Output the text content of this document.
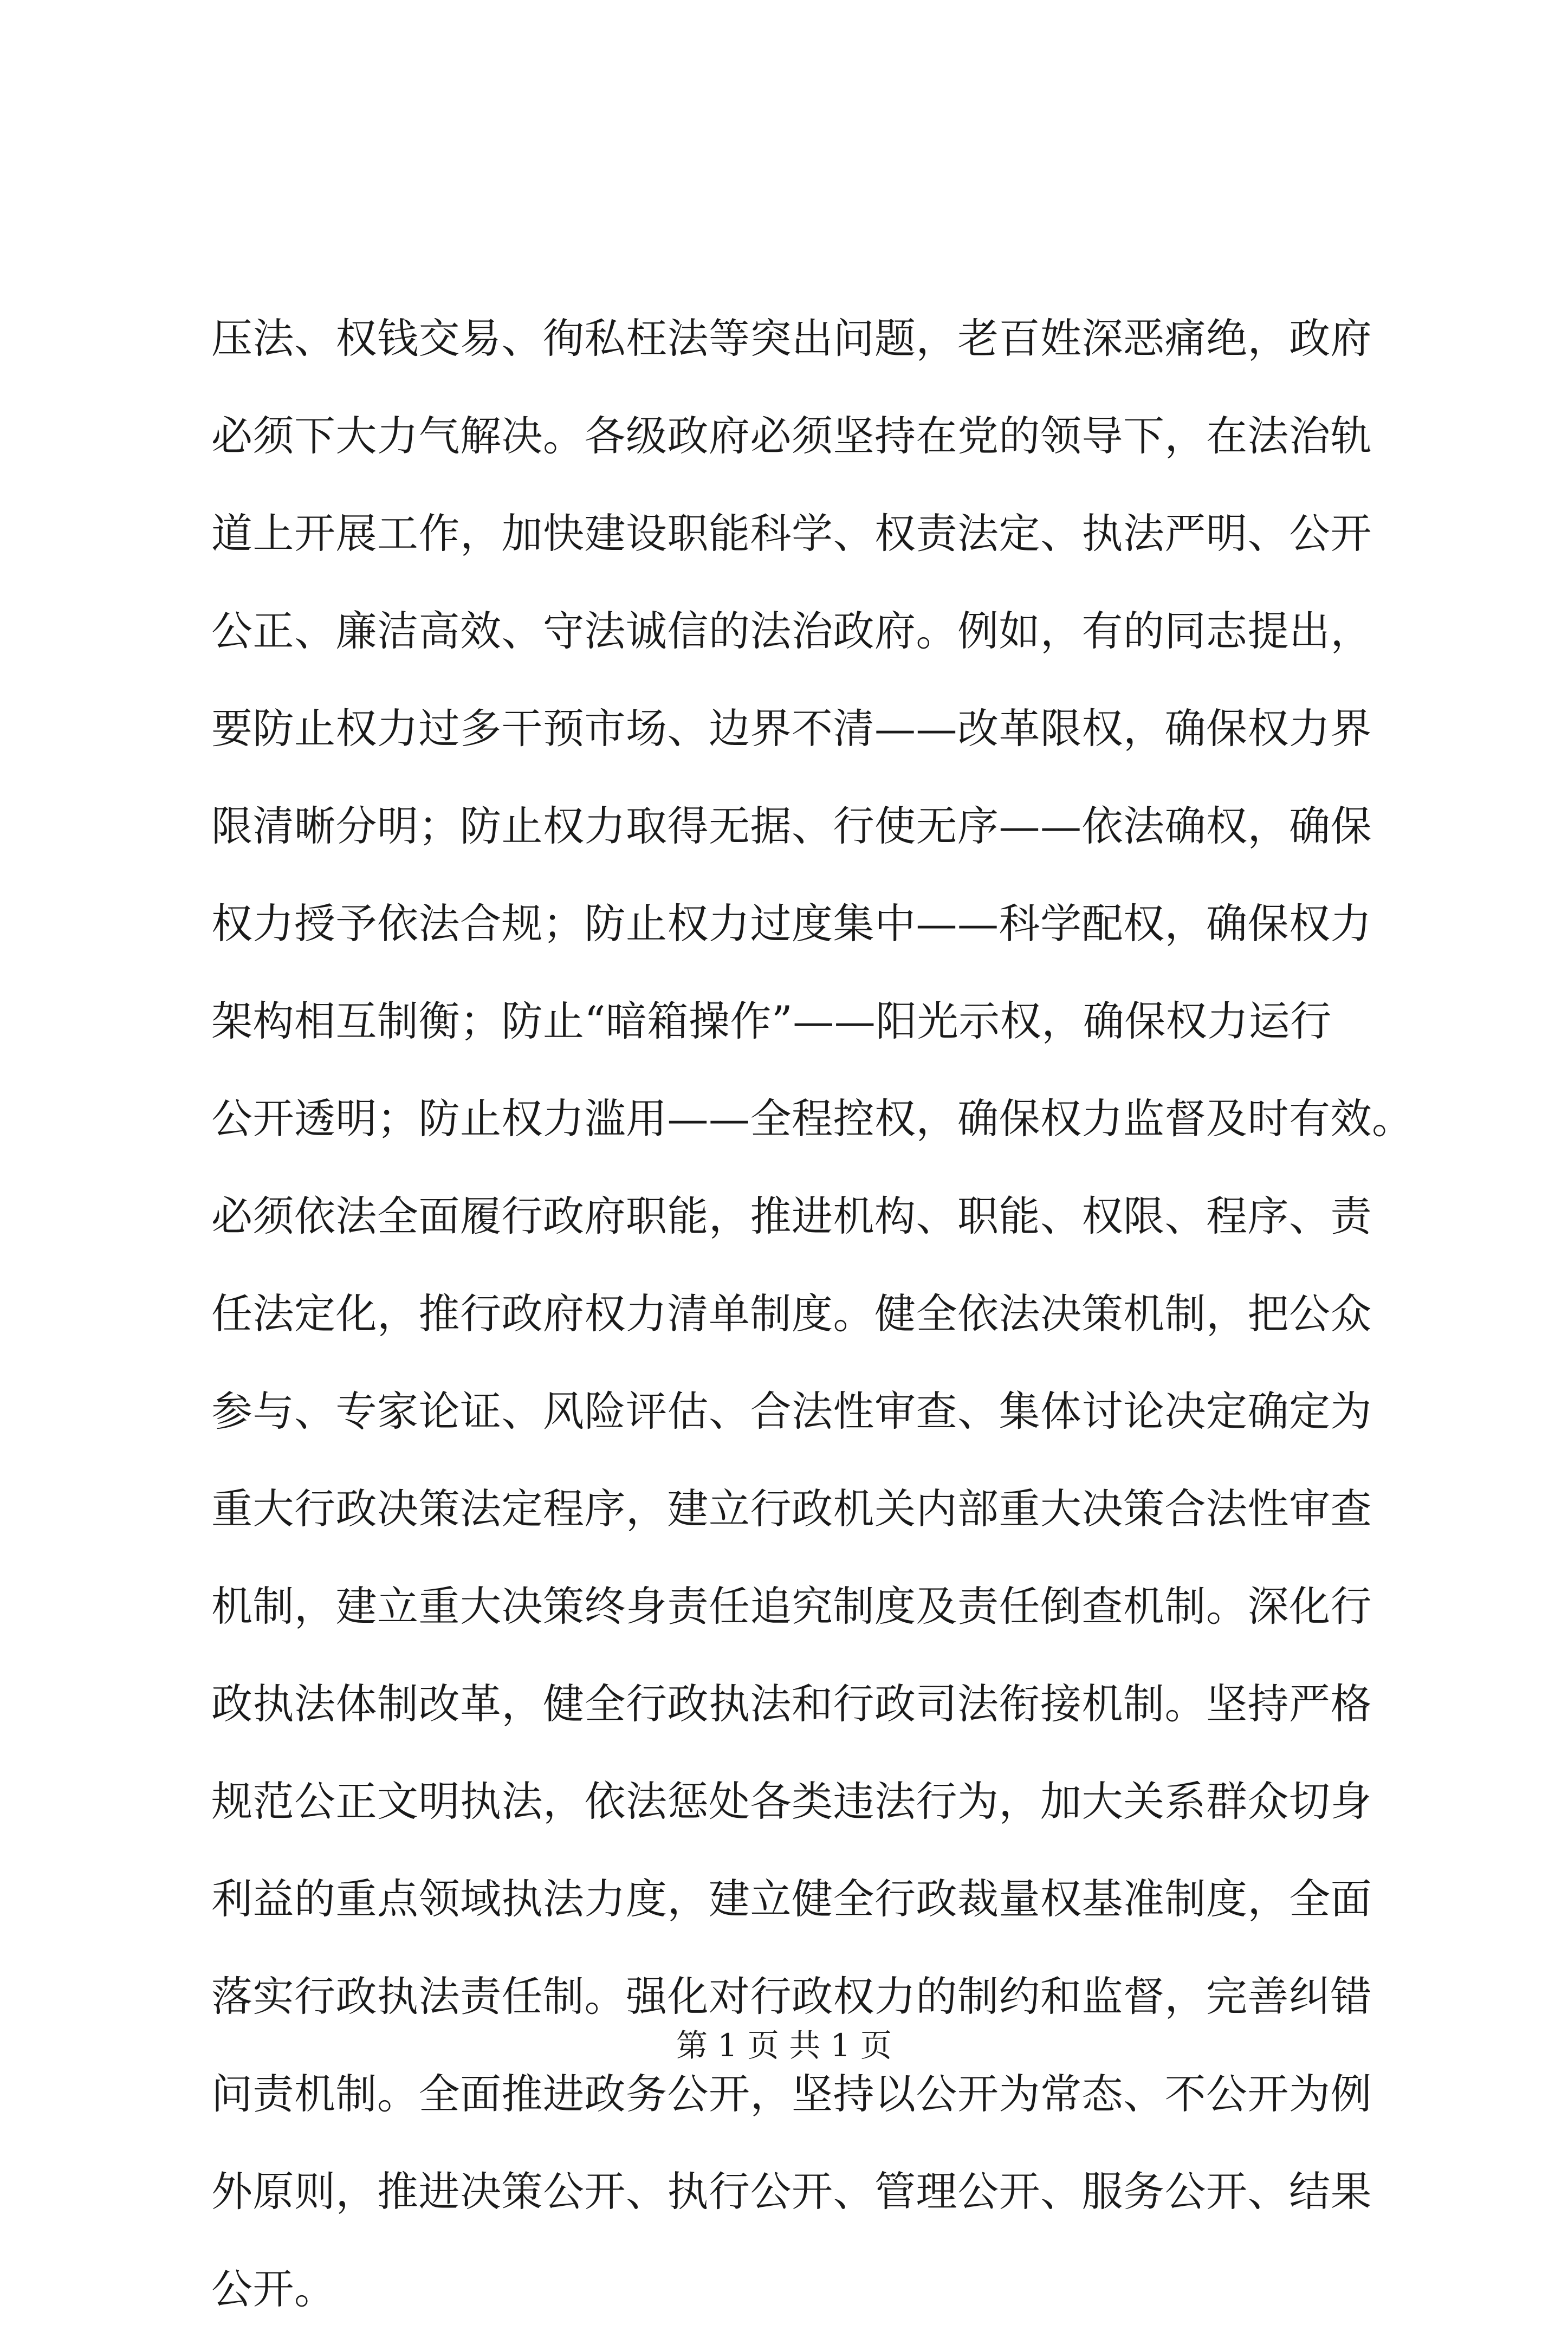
压法、权钱交易、徇私枉法等突出问题，老百姓深恶痛绝，政府
必须下大力气解决。各级政府必须坚持在党的领导下，在法治轨
道上开展工作，加快建设职能科学、权责法定、执法严明、公开
公正、廉洁高效、守法诚信的法治政府。例如，有的同志提出，
要防止权力过多干预市场、边界不清——改革限权，确保权力界
限清晰分明；防止权力取得无据、行使无序——依法确权，确保
权力授予依法合规；防止权力过度集中——科学配权，确保权力
架构相互制衡；防止“暗箱操作”——阳光示权，确保权力运行
公开透明；防止权力滥用——全程控权，确保权力监督及时有效。
必须依法全面履行政府职能，推进机构、职能、权限、程序、责
任法定化，推行政府权力清单制度。健全依法决策机制，把公众
参与、专家论证、风险评估、合法性审查、集体讨论决定确定为
重大行政决策法定程序，建立行政机关内部重大决策合法性审查
机制，建立重大决策终身责任追究制度及责任倒查机制。深化行
政执法体制改革，健全行政执法和行政司法衔接机制。坚持严格
规范公正文明执法，依法惩处各类违法行为，加大关系群众切身
利益的重点领域执法力度，建立健全行政裁量权基准制度，全面
落实行政执法责任制。强化对行政权力的制约和监督，完善纠错
问责机制。全面推进政务公开，坚持以公开为常态、不公开为例
外原则，推进决策公开、执行公开、管理公开、服务公开、结果
公开。
第 1 页 共 1 页
